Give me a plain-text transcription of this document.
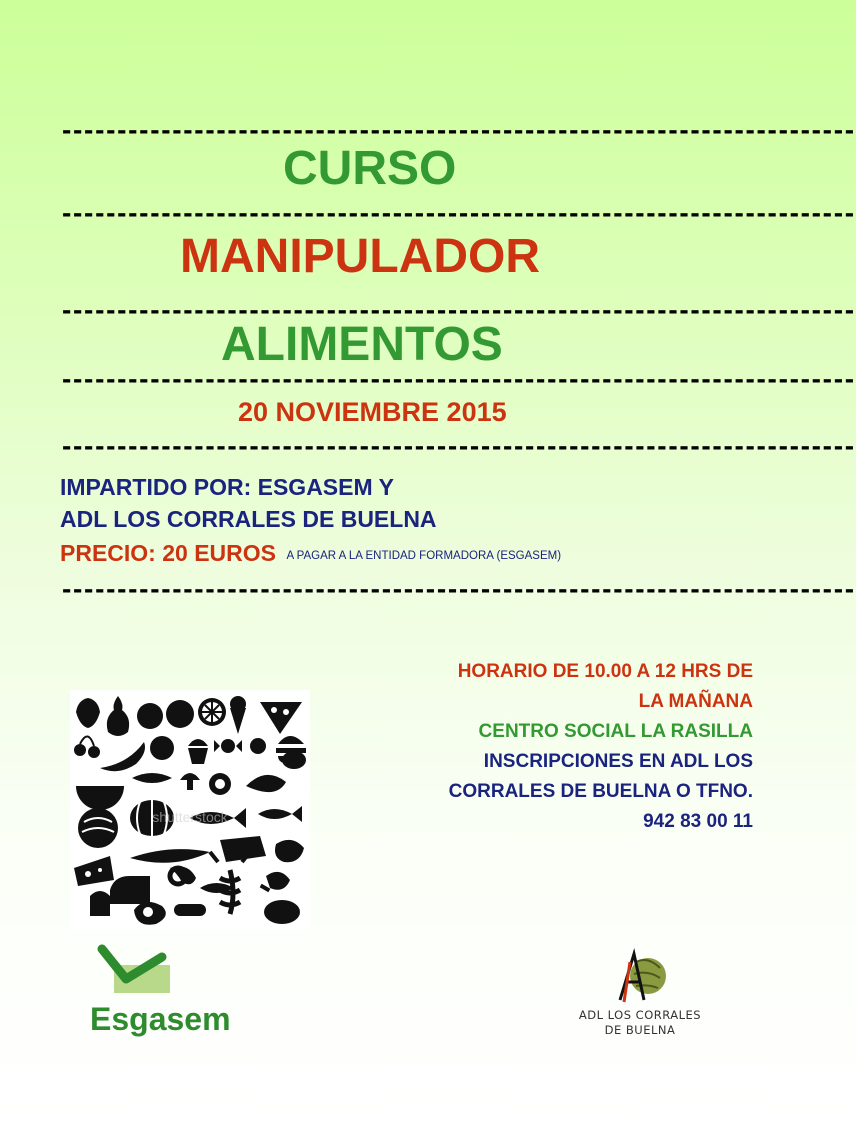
------------------------------------------------------------------------
------------------------------------------------------------------------
------------------------------------------------------------------------
------------------------------------------------------------------------
------------------------------------------------------------------------
------------------------------------------------------------------------
CURSO
MANIPULADOR
ALIMENTOS
20 NOVIEMBRE 2015
IMPARTIDO POR: ESGASEM Y
ADL LOS CORRALES DE BUELNA
PRECIO: 20 EUROS A PAGAR A LA ENTIDAD FORMADORA (ESGASEM)
HORARIO DE 10.00 A 12 HRS DE
LA MAÑANA
CENTRO SOCIAL LA RASILLA
INSCRIPCIONES EN ADL LOS
CORRALES DE BUELNA O TFNO.
942 83 00 11
shutterstock
Esgasem	ADL LOS CORRALES
DE BUELNA
